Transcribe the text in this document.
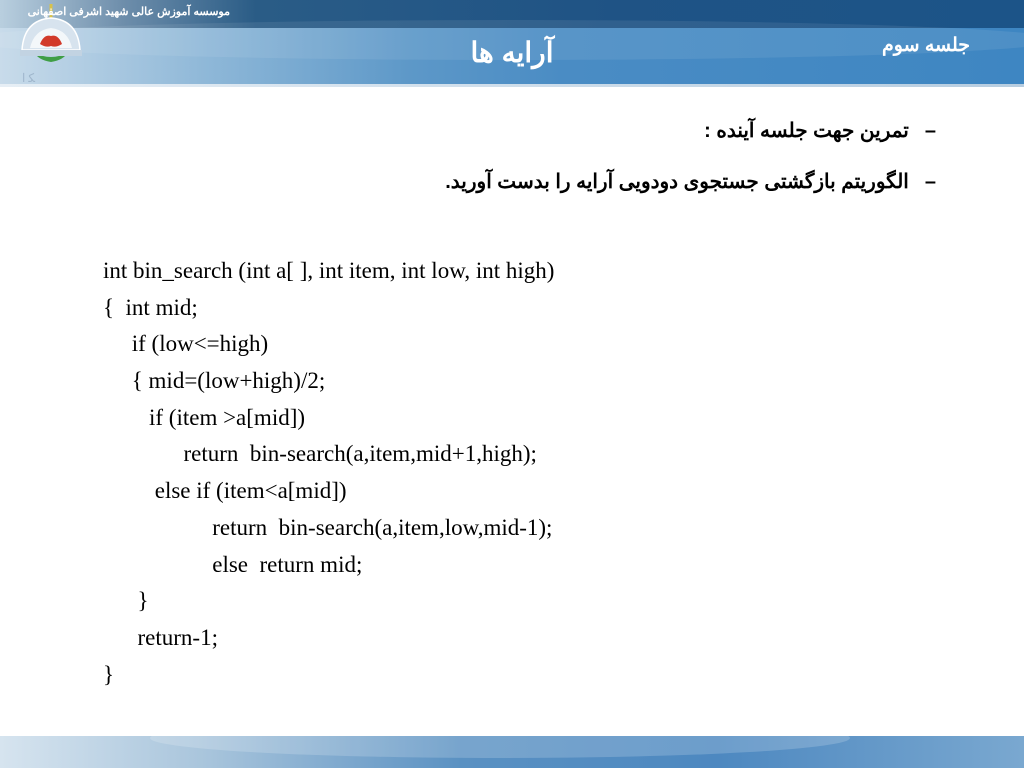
ﮑ ﺍ
موسسه آموزش عالی شهید اشرفی اصفهانی
آرایه ها	جلسه سوم
–
تمرین جهت جلسه آینده :
–
الگوریتم بازگشتی جستجوی دودویی آرایه را بدست آورید.
int bin_search (int a[ ], int item, int low, int high)
{  int mid;
if (low<=high)
{ mid=(low+high)/2;
if (item >a[mid])
return  bin-search(a,item,mid+1,high);
else if (item<a[mid])
return  bin-search(a,item,low,mid-1);
else  return mid;
}
return-1;
}
